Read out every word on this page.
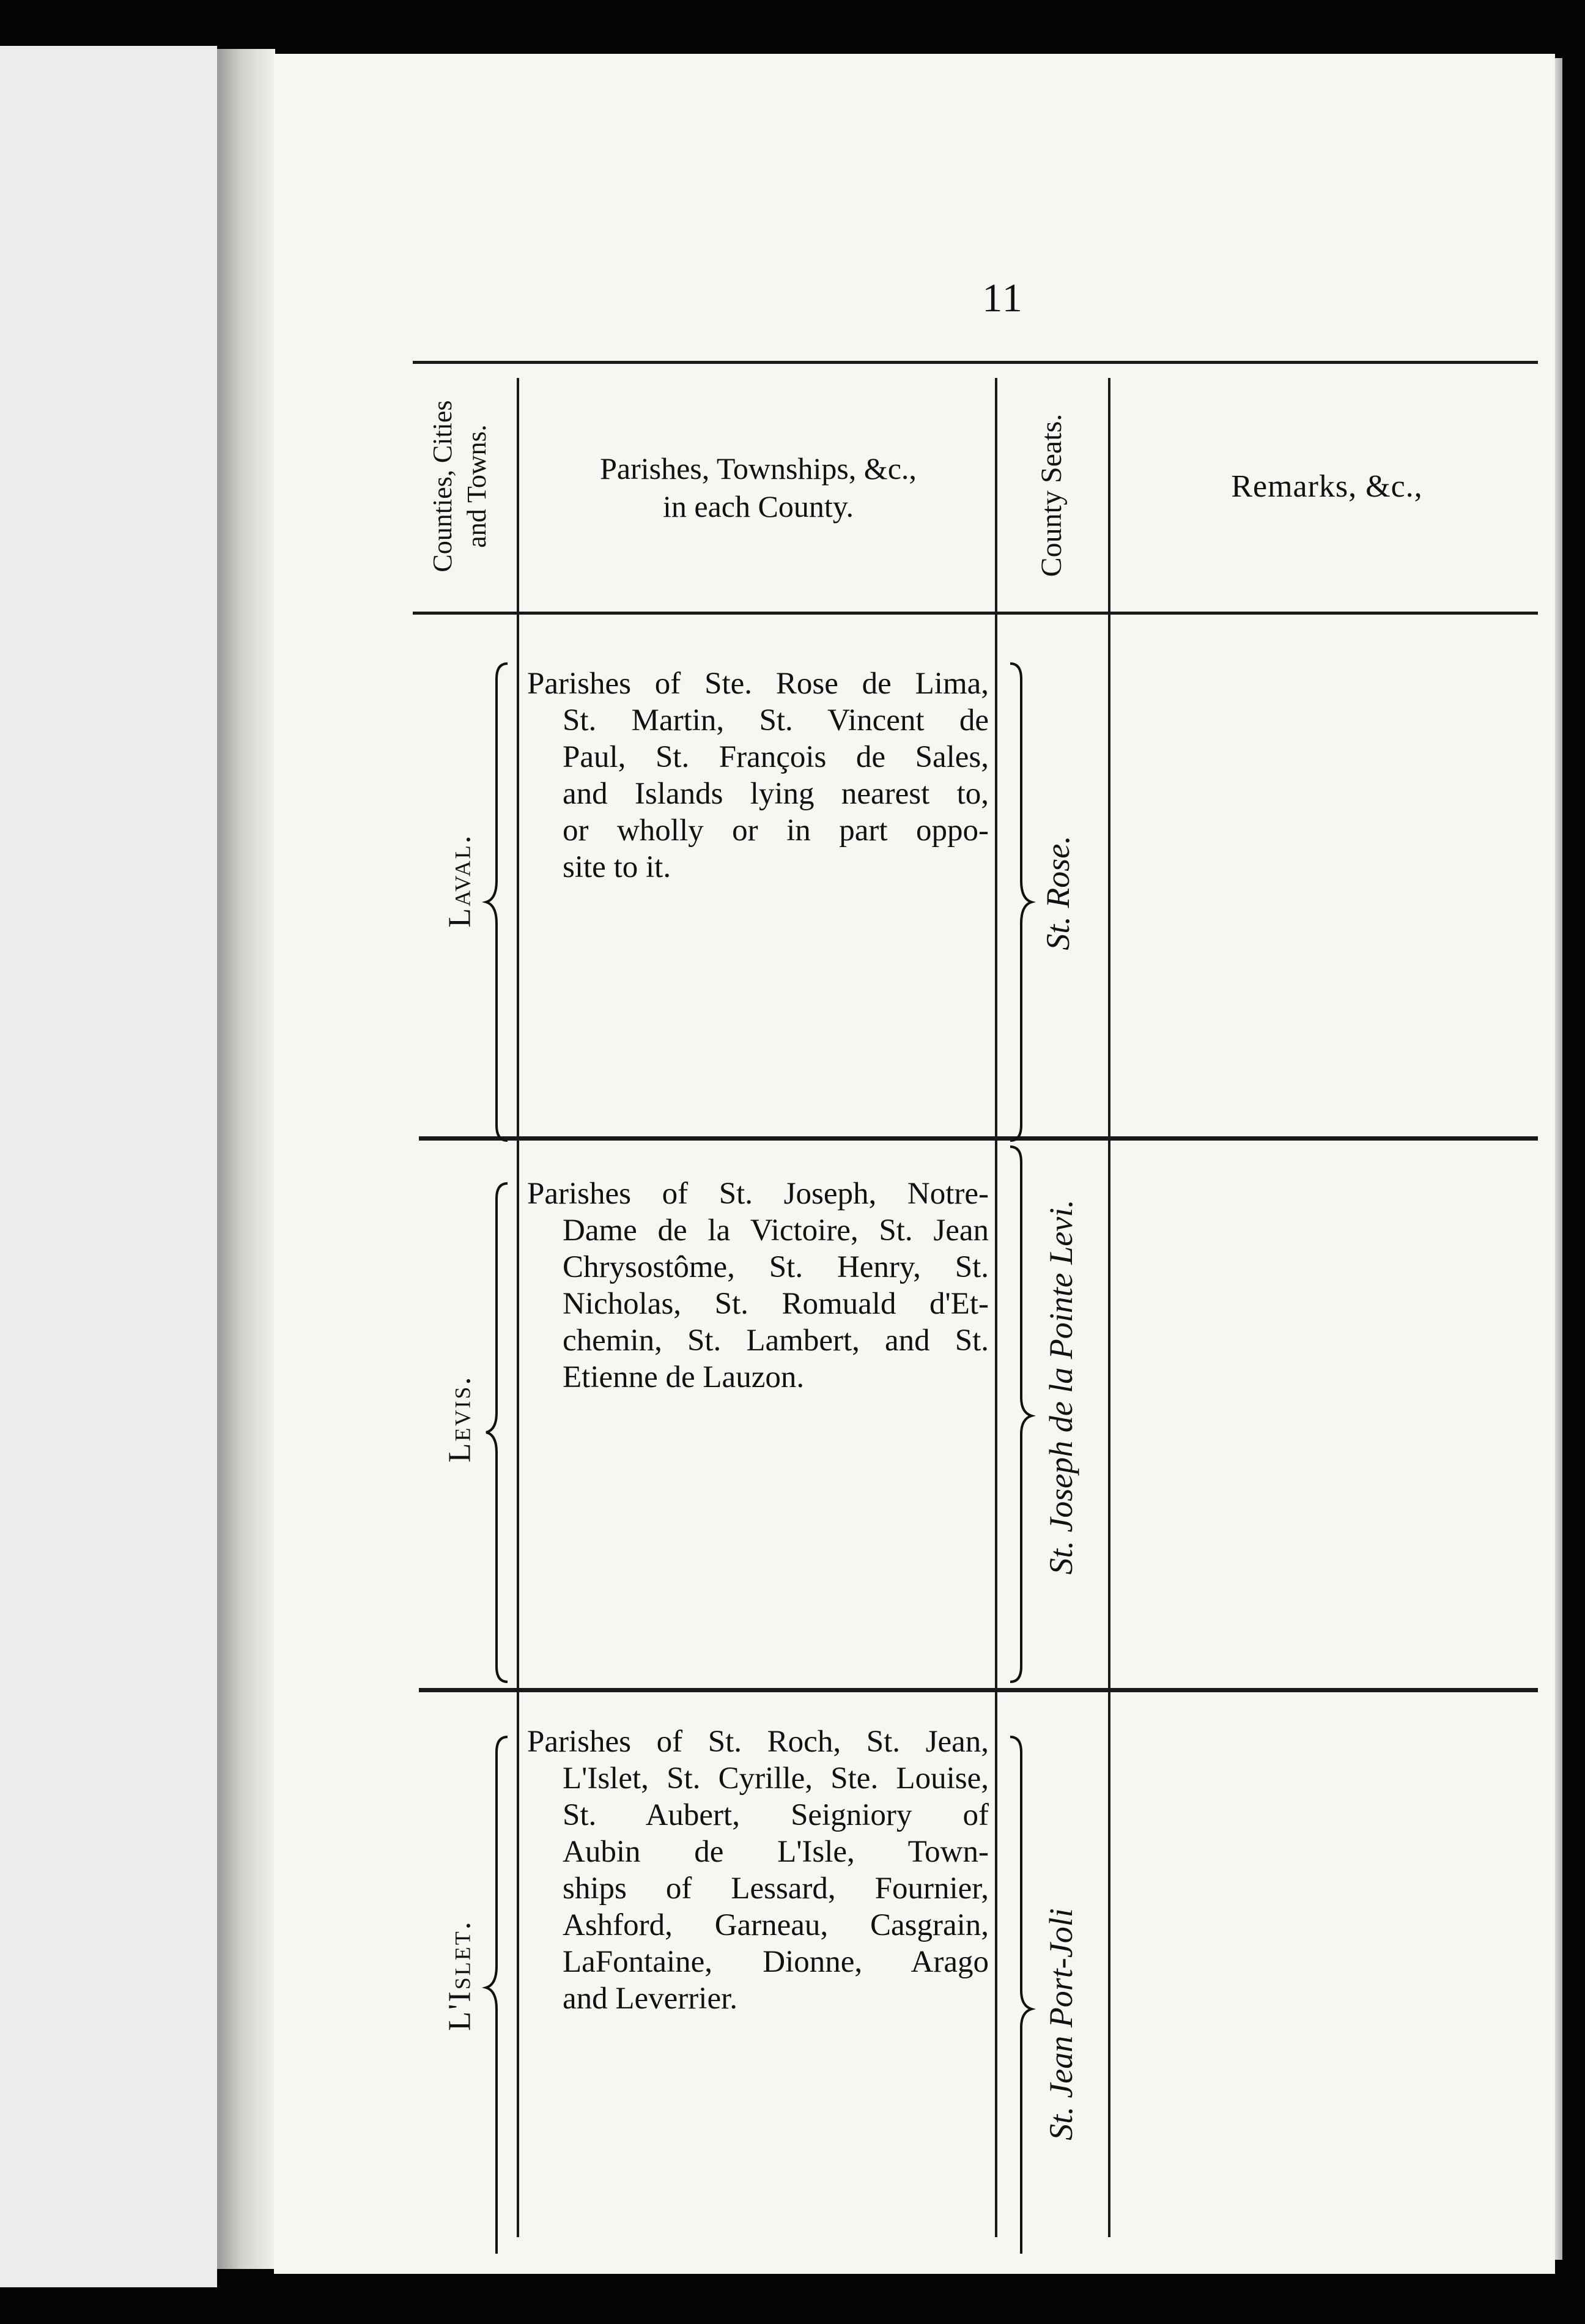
11
Counties, Cities and Towns.	Parishes, Townships, &c.,
in each County.	County Seats.	Remarks, &c.,
Laval.
Parishes of Ste. Rose de Lima,
St. Martin, St. Vincent de
Paul, St. François de Sales,
and Islands lying nearest to,
or wholly or in part oppo-
site to it.	St. Rose.
Levis.
Parishes of St. Joseph, Notre-
Dame de la Victoire, St. Jean
Chrysostôme, St. Henry, St.
Nicholas, St. Romuald d'Et-
chemin, St. Lambert, and St.
Etienne de Lauzon.	St. Joseph de la Pointe Levi.
L'Islet.
Parishes of St. Roch, St. Jean,
L'Islet, St. Cyrille, Ste. Louise,
St. Aubert, Seigniory of
Aubin de L'Isle, Town-
ships of Lessard, Fournier,
Ashford, Garneau, Casgrain,
LaFontaine, Dionne, Arago
and Leverrier.	St. Jean Port-Joli
